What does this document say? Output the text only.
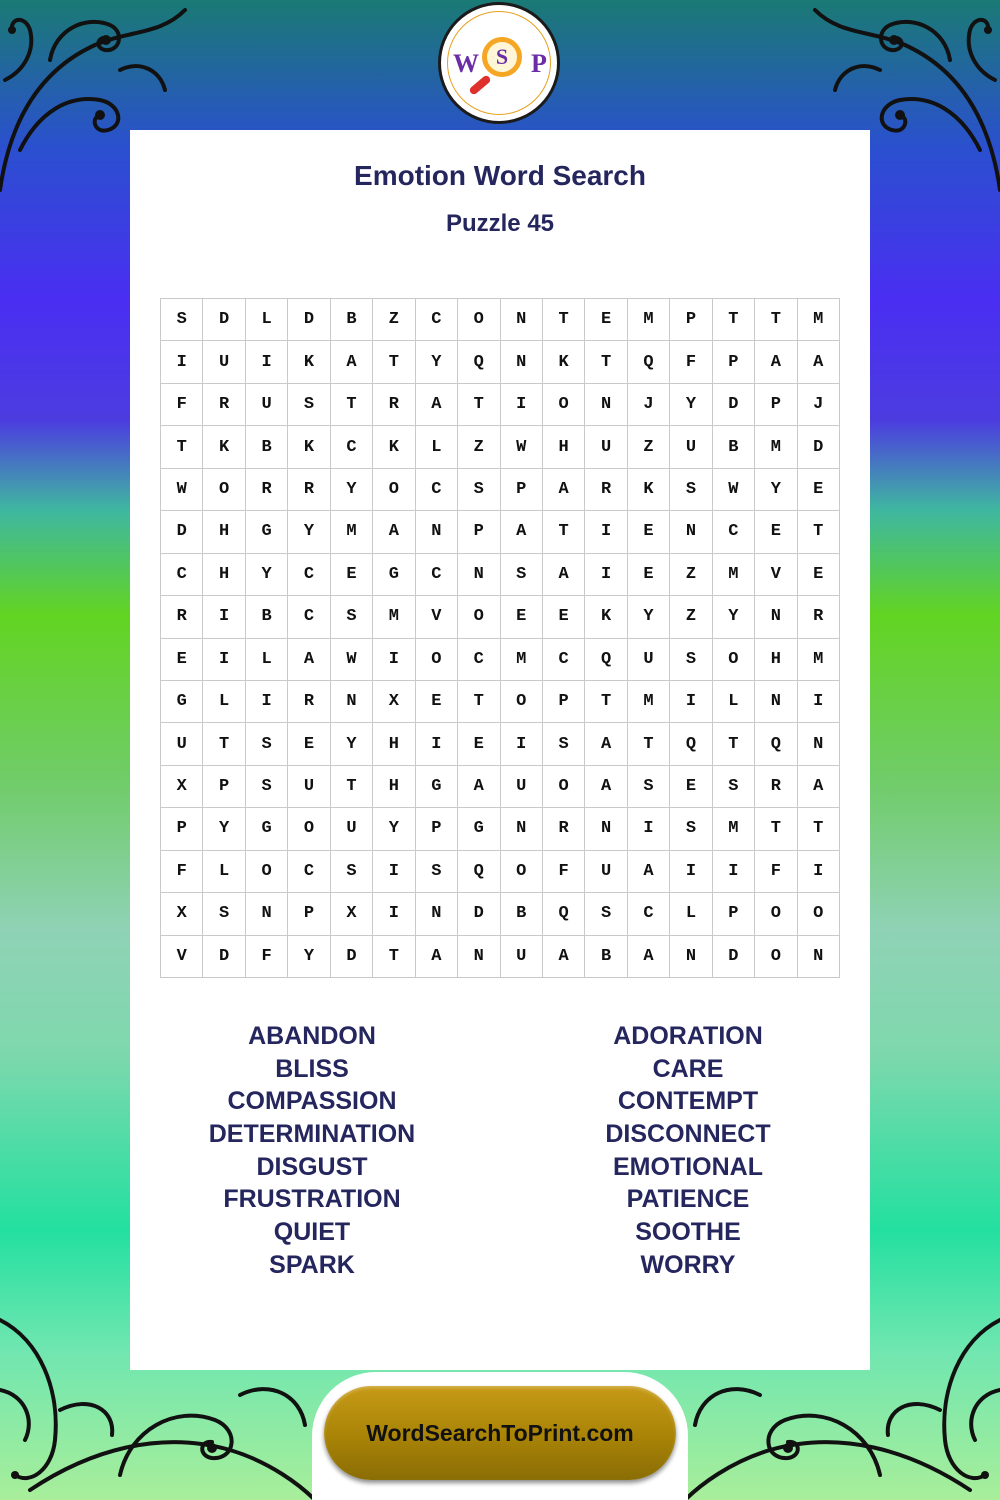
W S P
Emotion Word Search
Puzzle 45
S	D	L	D	B	Z	C	O	N	T	E	M	P	T	T	M
I	U	I	K	A	T	Y	Q	N	K	T	Q	F	P	A	A
F	R	U	S	T	R	A	T	I	O	N	J	Y	D	P	J
T	K	B	K	C	K	L	Z	W	H	U	Z	U	B	M	D
W	O	R	R	Y	O	C	S	P	A	R	K	S	W	Y	E
D	H	G	Y	M	A	N	P	A	T	I	E	N	C	E	T
C	H	Y	C	E	G	C	N	S	A	I	E	Z	M	V	E
R	I	B	C	S	M	V	O	E	E	K	Y	Z	Y	N	R
E	I	L	A	W	I	O	C	M	C	Q	U	S	O	H	M
G	L	I	R	N	X	E	T	O	P	T	M	I	L	N	I
U	T	S	E	Y	H	I	E	I	S	A	T	Q	T	Q	N
X	P	S	U	T	H	G	A	U	O	A	S	E	S	R	A
P	Y	G	O	U	Y	P	G	N	R	N	I	S	M	T	T
F	L	O	C	S	I	S	Q	O	F	U	A	I	I	F	I
X	S	N	P	X	I	N	D	B	Q	S	C	L	P	O	O
V	D	F	Y	D	T	A	N	U	A	B	A	N	D	O	N
ABANDON
BLISS
COMPASSION
DETERMINATION
DISGUST
FRUSTRATION
QUIET
SPARK
ADORATION
CARE
CONTEMPT
DISCONNECT
EMOTIONAL
PATIENCE
SOOTHE
WORRY
WordSearchToPrint.com
